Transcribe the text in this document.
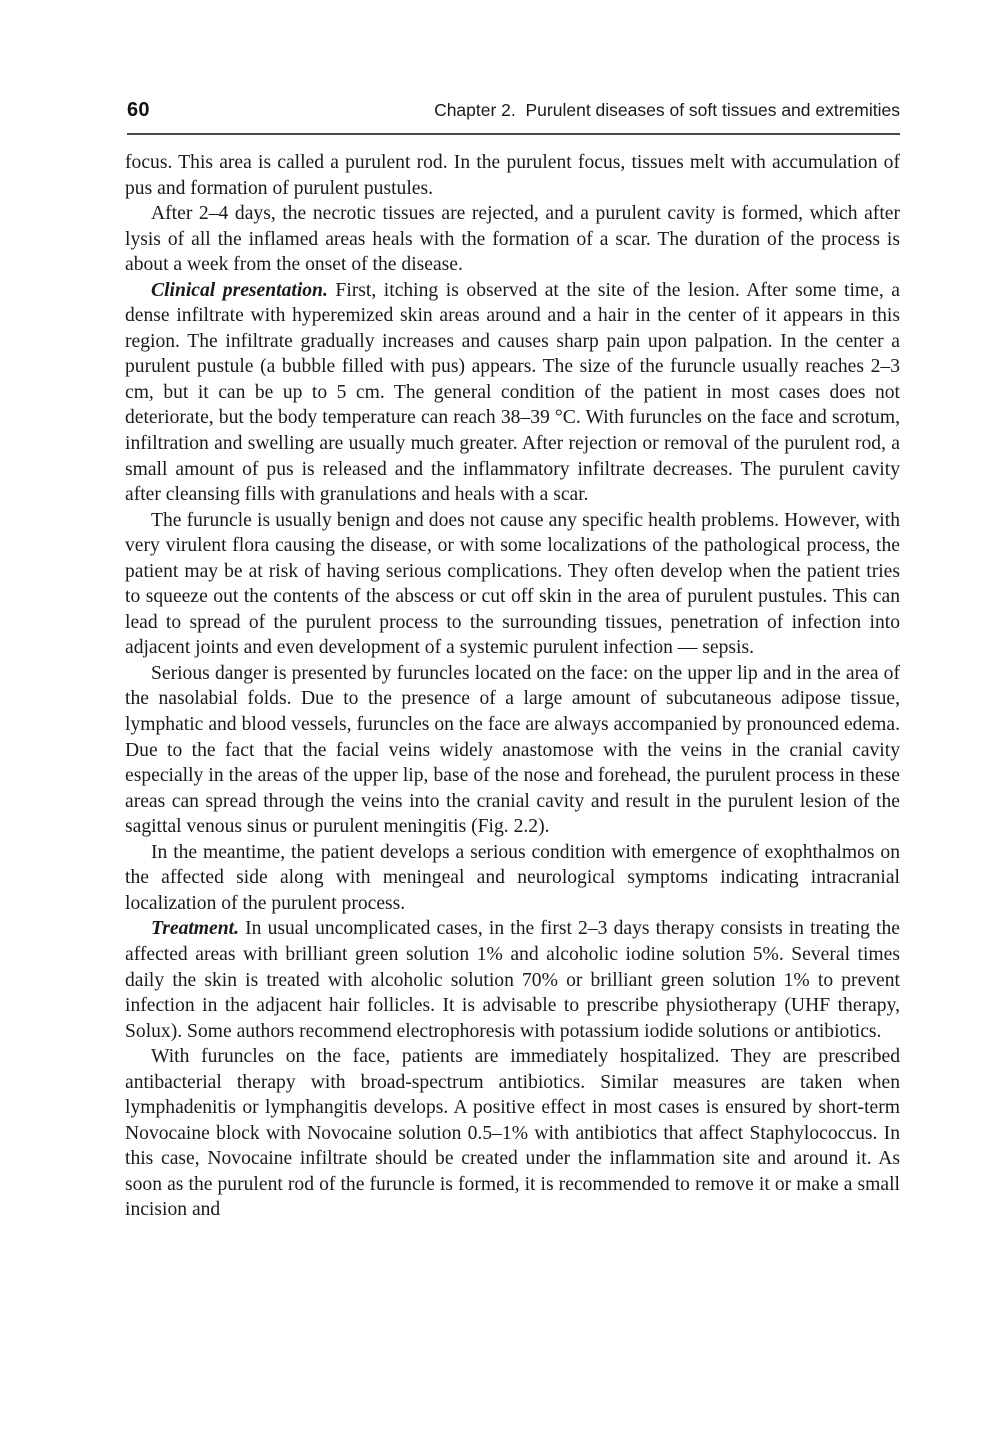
60	Chapter 2.  Purulent diseases of soft tissues and extremities

focus. This area is called a purulent rod. In the purulent focus, tissues melt with accumulation of pus and formation of purulent pustules.

After 2–4 days, the necrotic tissues are rejected, and a purulent cavity is formed, which after lysis of all the inflamed areas heals with the formation of a scar. The duration of the process is about a week from the onset of the disease.

Clinical presentation. First, itching is observed at the site of the lesion. After some time, a dense infiltrate with hyperemized skin areas around and a hair in the center of it appears in this region. The infiltrate gradually increases and causes sharp pain upon palpation. In the center a purulent pustule (a bubble filled with pus) appears. The size of the furuncle usually reaches 2–3 cm, but it can be up to 5 cm. The general condition of the patient in most cases does not deteriorate, but the body temperature can reach 38–39 °C. With furuncles on the face and scrotum, infiltration and swelling are usually much greater. After rejection or removal of the purulent rod, a small amount of pus is released and the inflammatory infiltrate decreases. The purulent cavity after cleansing fills with granulations and heals with a scar.

The furuncle is usually benign and does not cause any specific health problems. However, with very virulent flora causing the disease, or with some localizations of the pathological process, the patient may be at risk of having serious complications. They often develop when the patient tries to squeeze out the contents of the abscess or cut off skin in the area of purulent pustules. This can lead to spread of the purulent process to the surrounding tissues, penetration of infection into adjacent joints and even development of a systemic purulent infection — sepsis.

Serious danger is presented by furuncles located on the face: on the upper lip and in the area of the nasolabial folds. Due to the presence of a large amount of subcutaneous adipose tissue, lymphatic and blood vessels, furuncles on the face are always accompanied by pronounced edema. Due to the fact that the facial veins widely anastomose with the veins in the cranial cavity especially in the areas of the upper lip, base of the nose and forehead, the purulent process in these areas can spread through the veins into the cranial cavity and result in the purulent lesion of the sagittal venous sinus or purulent meningitis (Fig. 2.2).

In the meantime, the patient develops a serious condition with emergence of exophthalmos on the affected side along with meningeal and neurological symptoms indicating intracranial localization of the purulent process.

Treatment. In usual uncomplicated cases, in the first 2–3 days therapy consists in treating the affected areas with brilliant green solution 1% and alcoholic iodine solution 5%. Several times daily the skin is treated with alcoholic solution 70% or brilliant green solution 1% to prevent infection in the adjacent hair follicles. It is advisable to prescribe physiotherapy (UHF therapy, Solux). Some authors recommend electrophoresis with potassium iodide solutions or antibiotics.

With furuncles on the face, patients are immediately hospitalized. They are prescribed antibacterial therapy with broad-spectrum antibiotics. Similar measures are taken when lymphadenitis or lymphangitis develops. A positive effect in most cases is ensured by short-term Novocaine block with Novocaine solution 0.5–1% with antibiotics that affect Staphylococcus. In this case, Novocaine infiltrate should be created under the inflammation site and around it. As soon as the purulent rod of the furuncle is formed, it is recommended to remove it or make a small incision and
